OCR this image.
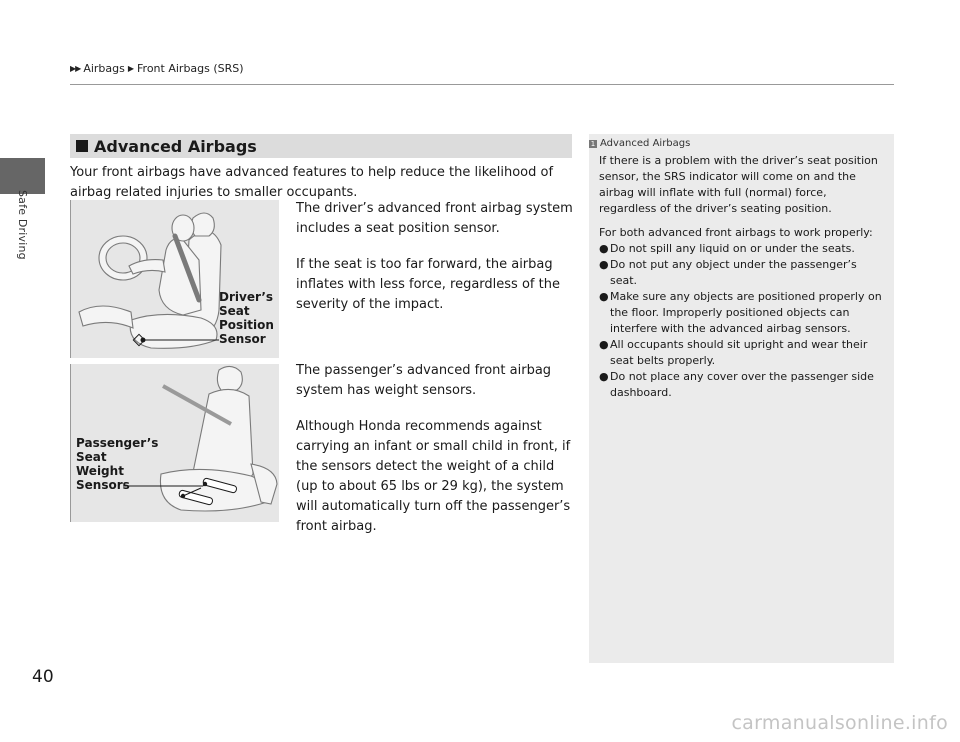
Safe Driving
▶▶ Airbags ▶ Front Airbags (SRS)
Advanced Airbags
Your front airbags have advanced features to help reduce the likelihood of airbag related injuries to smaller occupants.
Driver’s
Seat
Position
Sensor
Passenger’s
Seat
Weight
Sensors

The driver’s advanced front airbag system includes a seat position sensor.

If the seat is too far forward, the airbag inflates with less force, regardless of the severity of the impact.

The passenger’s advanced front airbag system has weight sensors.

Although Honda recommends against carrying an infant or small child in front, if the sensors detect the weight of a child (up to about 65 lbs or 29 kg), the system will automatically turn off the passenger’s front airbag.

1 Advanced Airbags

If there is a problem with the driver’s seat position sensor, the SRS indicator will come on and the airbag will inflate with full (normal) force, regardless of the driver’s seating position.

For both advanced front airbags to work properly:

● Do not spill any liquid on or under the seats.
● Do not put any object under the passenger’s seat.
● Make sure any objects are positioned properly on the floor. Improperly positioned objects can interfere with the advanced airbag sensors.
● All occupants should sit upright and wear their seat belts properly.
● Do not place any cover over the passenger side dashboard.
40
carmanualsonline.info
